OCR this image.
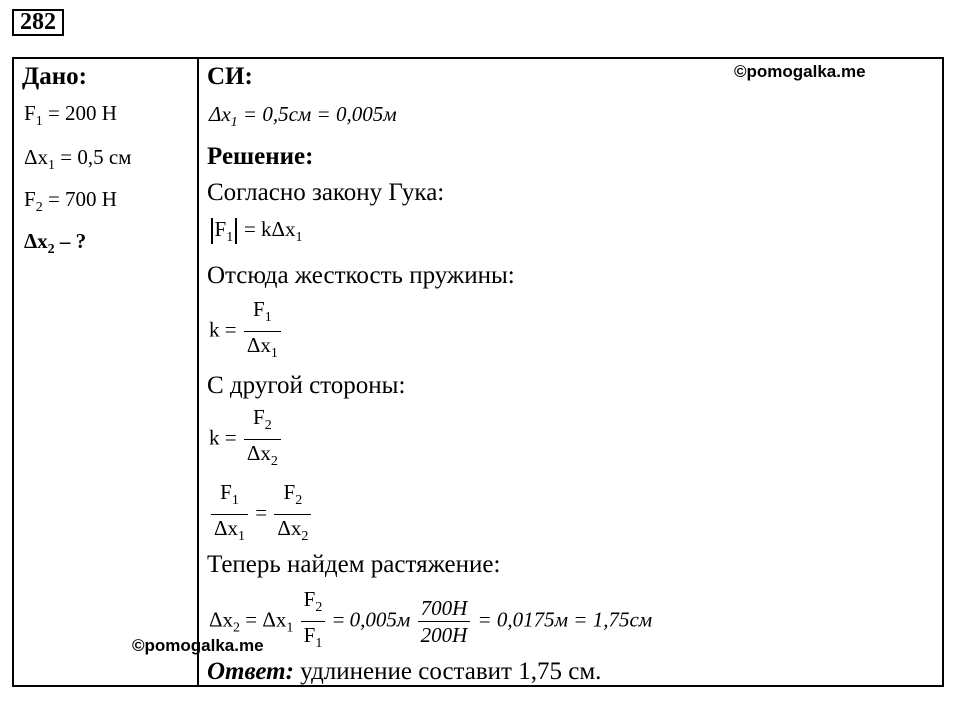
282
Дано:
$F_1 = 200$ Н
$\Delta x_1 = 0,5$ см
$F_2 = 700$ Н
$\Delta x_2$ – ?
СИ:	©pomogalka.me
$\Delta x_1 = 0,5см = 0,005м$
Решение:
Согласно закону Гука:
$F_1 = k\Delta x_1$
Отсюда жесткость пружины:
$k = \frac{F_1}{\Delta x_1}$
С другой стороны:
$k = \frac{F_2}{\Delta x_2}$
$\frac{F_1}{\Delta x_1} = \frac{F_2}{\Delta x_2}$
Теперь найдем растяжение:
$\Delta x_2 = \Delta x_1 \frac{F_2}{F_1} = 0,005м \frac{700Н}{200Н} = 0,0175м = 1,75см$
©pomogalka.me
Ответ: удлинение составит 1,75 см.
